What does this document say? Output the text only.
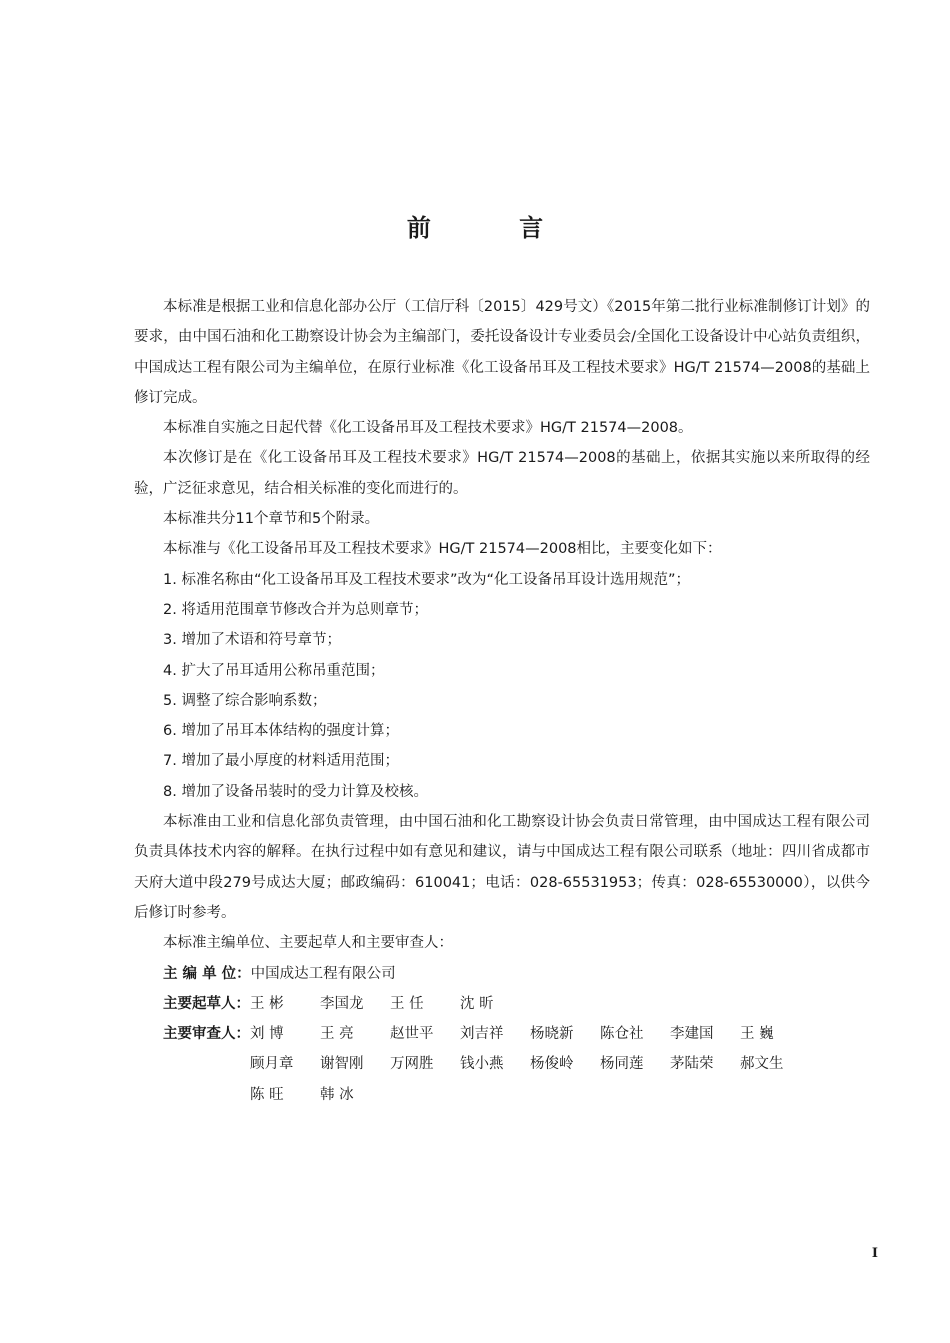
前 言

本标准是根据工业和信息化部办公厅（工信厅科〔2015〕429号文）《2015年第二批行业标准制修订计划》的要求，由中国石油和化工勘察设计协会为主编部门，委托设备设计专业委员会/全国化工设备设计中心站负责组织，中国成达工程有限公司为主编单位，在原行业标准《化工设备吊耳及工程技术要求》HG/T 21574—2008的基础上修订完成。

本标准自实施之日起代替《化工设备吊耳及工程技术要求》HG/T 21574—2008。

本次修订是在《化工设备吊耳及工程技术要求》HG/T 21574—2008的基础上，依据其实施以来所取得的经验，广泛征求意见，结合相关标准的变化而进行的。

本标准共分11个章节和5个附录。

本标准与《化工设备吊耳及工程技术要求》HG/T 21574—2008相比，主要变化如下：

1. 标准名称由“化工设备吊耳及工程技术要求”改为“化工设备吊耳设计选用规范”；

2. 将适用范围章节修改合并为总则章节；

3. 增加了术语和符号章节；

4. 扩大了吊耳适用公称吊重范围；

5. 调整了综合影响系数；

6. 增加了吊耳本体结构的强度计算；

7. 增加了最小厚度的材料适用范围；

8. 增加了设备吊装时的受力计算及校核。

本标准由工业和信息化部负责管理，由中国石油和化工勘察设计协会负责日常管理，由中国成达工程有限公司负责具体技术内容的解释。在执行过程中如有意见和建议，请与中国成达工程有限公司联系（地址：四川省成都市天府大道中段279号成达大厦；邮政编码：610041；电话：028-65531953；传真：028-65530000），以供今后修订时参考。

本标准主编单位、主要起草人和主要审查人：

主 编 单 位： 中国成达工程有限公司
主要起草人： 王 彬	李国龙	王 任	沈 昕
主要审查人： 刘 博	王 亮	赵世平	刘吉祥	杨晓新	陈仓社	李建国	王 巍
顾月章	谢智刚	万网胜	钱小燕	杨俊岭	杨同莲	茅陆荣	郝文生
陈 旺	韩 冰
I
